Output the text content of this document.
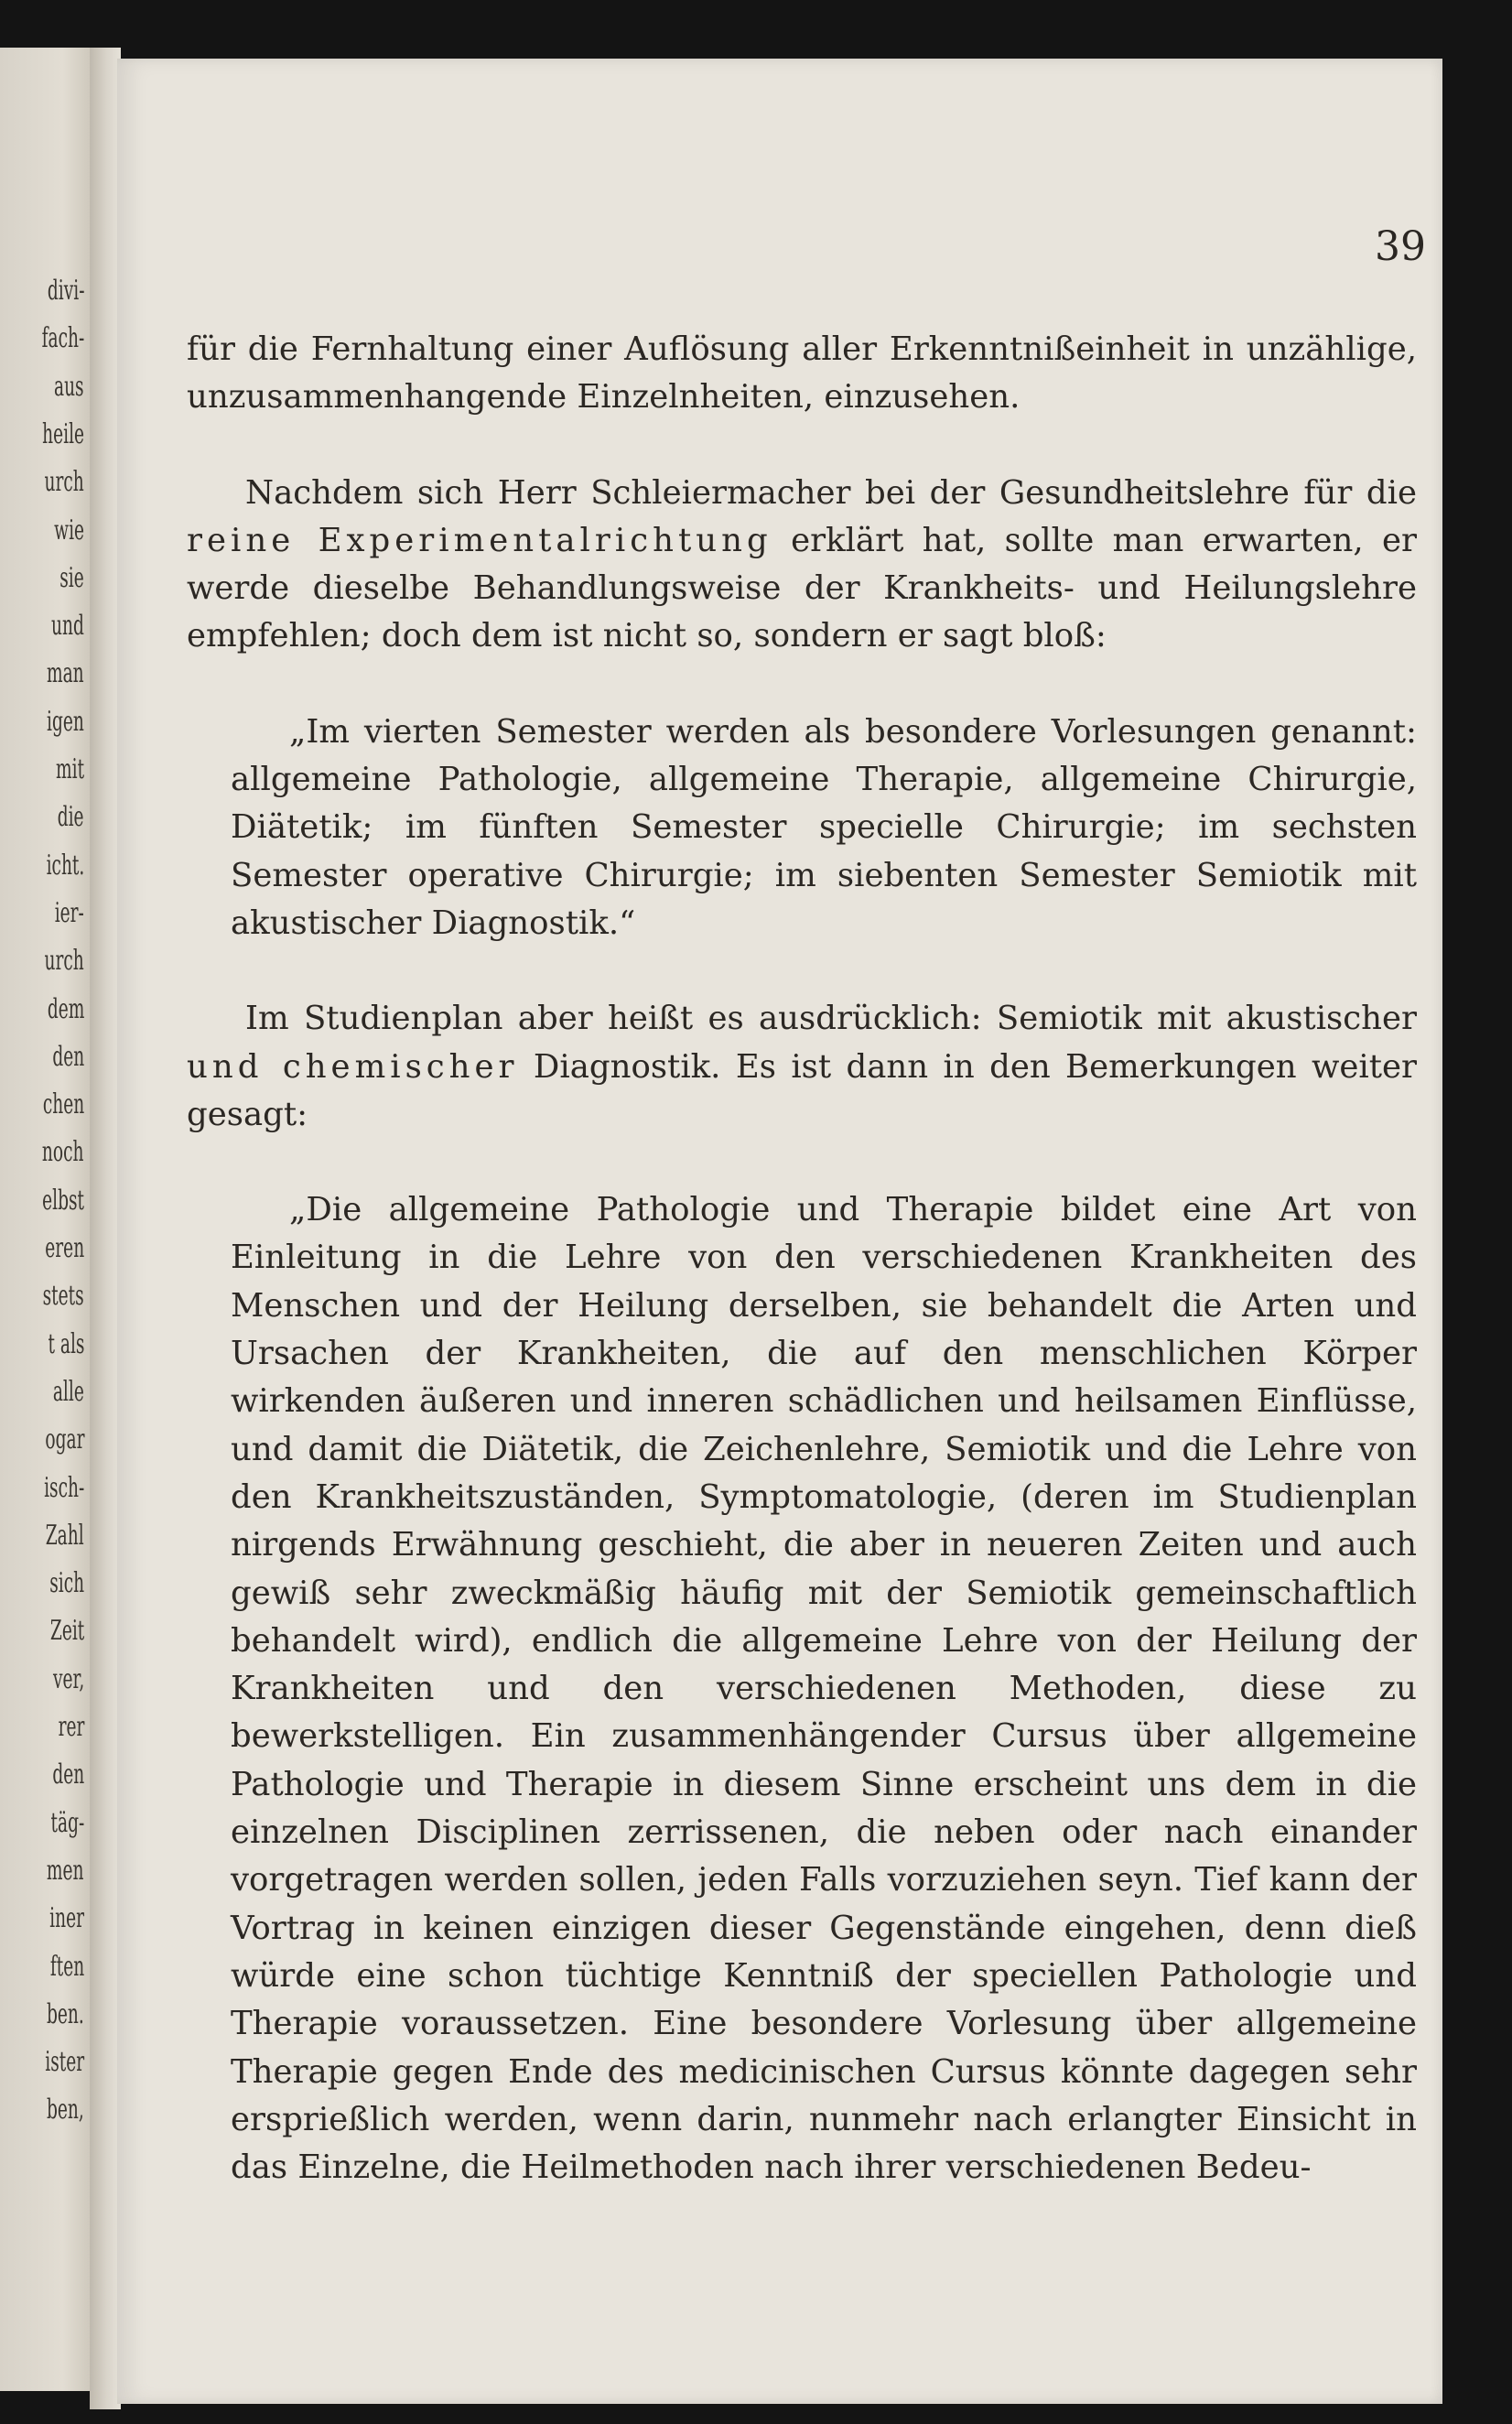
divi-
fach-
aus
heile
urch
wie
sie
und
man
igen
mit
die
icht.
ier-
urch
dem
den
chen
noch
elbst
eren
stets
t als
alle
ogar
isch-
Zahl
sich
Zeit
ver,
rer
den
täg-
men
iner
ften
ben.
ister
ben,
39

für die Fernhaltung einer Auflösung aller Erkenntnißeinheit in unzählige, unzusammenhangende Einzelnheiten, einzusehen.

Nachdem sich Herr Schleiermacher bei der Gesundheitslehre für die reine Experimentalrichtung erklärt hat, sollte man erwarten, er werde dieselbe Behandlungsweise der Krankheits- und Heilungslehre empfehlen; doch dem ist nicht so, sondern er sagt bloß:

„Im vierten Semester werden als besondere Vorlesungen genannt: allgemeine Pathologie, allgemeine Therapie, allgemeine Chirurgie, Diätetik; im fünften Semester specielle Chirurgie; im sechsten Semester operative Chirurgie; im siebenten Semester Semiotik mit akustischer Diagnostik.“

Im Studienplan aber heißt es ausdrücklich: Semiotik mit akustischer und chemischer Diagnostik. Es ist dann in den Bemerkungen weiter gesagt:

„Die allgemeine Pathologie und Therapie bildet eine Art von Einleitung in die Lehre von den verschiedenen Krankheiten des Menschen und der Heilung derselben, sie behandelt die Arten und Ursachen der Krankheiten, die auf den menschlichen Körper wirkenden äußeren und inneren schädlichen und heilsamen Einflüsse, und damit die Diätetik, die Zeichenlehre, Semiotik und die Lehre von den Krankheitszuständen, Symptomatologie, (deren im Studienplan nirgends Erwähnung geschieht, die aber in neueren Zeiten und auch gewiß sehr zweckmäßig häufig mit der Semiotik gemeinschaftlich behandelt wird), endlich die allgemeine Lehre von der Heilung der Krankheiten und den verschiedenen Methoden, diese zu bewerkstelligen. Ein zusammenhängender Cursus über allgemeine Pathologie und Therapie in diesem Sinne erscheint uns dem in die einzelnen Disciplinen zerrissenen, die neben oder nach einander vorgetragen werden sollen, jeden Falls vorzuziehen seyn. Tief kann der Vortrag in keinen einzigen dieser Gegenstände eingehen, denn dieß würde eine schon tüchtige Kenntniß der speciellen Pathologie und Therapie voraussetzen. Eine besondere Vorlesung über allgemeine Therapie gegen Ende des medicinischen Cursus könnte dagegen sehr ersprießlich werden, wenn darin, nunmehr nach erlangter Einsicht in das Einzelne, die Heilmethoden nach ihrer verschiedenen Bedeu-
